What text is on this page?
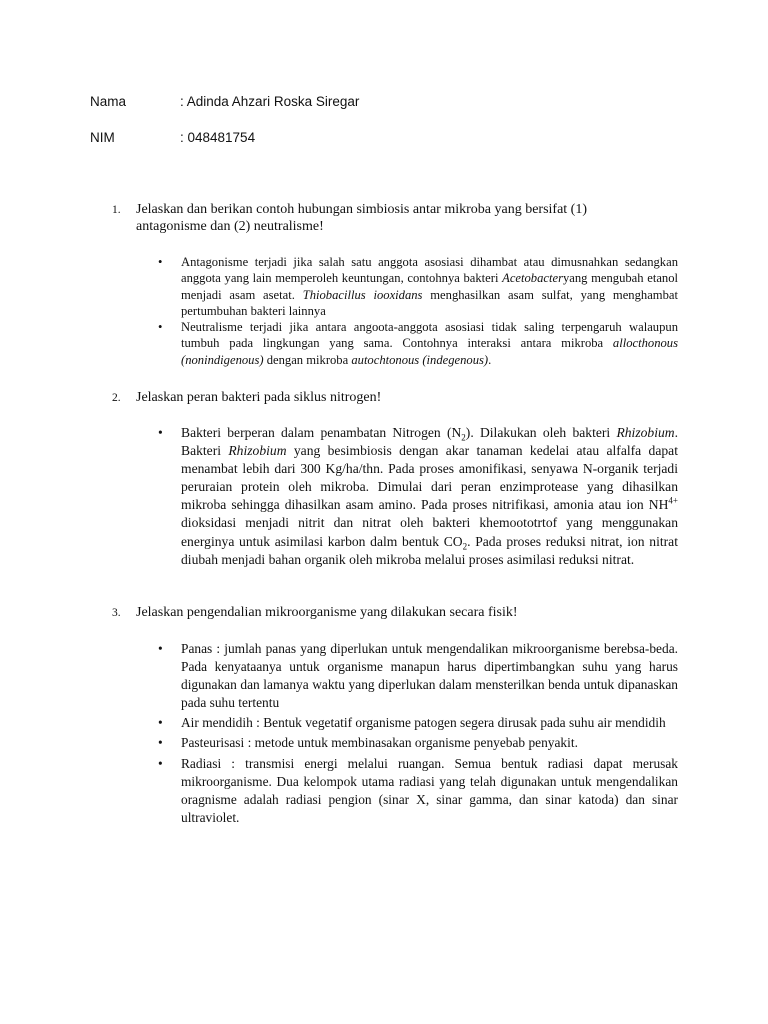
Nama	: Adinda Ahzari Roska Siregar
NIM	: 048481754
1. Jelaskan dan berikan contoh hubungan simbiosis antar mikroba yang bersifat (1) antagonisme dan (2) neutralisme!
• Antagonisme terjadi jika salah satu anggota asosiasi dihambat atau dimusnahkan sedangkan anggota yang lain memperoleh keuntungan, contohnya bakteri Acetobacteryang mengubah etanol menjadi asam asetat. Thiobacillus iooxidans menghasilkan asam sulfat, yang menghambat pertumbuhan bakteri lainnya
• Neutralisme terjadi jika antara angoota-anggota asosiasi tidak saling terpengaruh walaupun tumbuh pada lingkungan yang sama. Contohnya interaksi antara mikroba allocthonous (nonindigenous) dengan mikroba autochtonous (indegenous).
2. Jelaskan peran bakteri pada siklus nitrogen!
• Bakteri berperan dalam penambatan Nitrogen $(N_2)$. Dilakukan oleh bakteri Rhizobium. Bakteri Rhizobium yang besimbiosis dengan akar tanaman kedelai atau alfalfa dapat menambat lebih dari 300 Kg/ha/thn. Pada proses amonifikasi, senyawa N-organik terjadi peruraian protein oleh mikroba. Dimulai dari peran enzimprotease yang dihasilkan mikroba sehingga dihasilkan asam amino. Pada proses nitrifikasi, amonia atau ion $NH^{4+}$ dioksidasi menjadi nitrit dan nitrat oleh bakteri khemoototrtof yang menggunakan energinya untuk asimilasi karbon dalm bentuk $CO_2$. Pada proses reduksi nitrat, ion nitrat diubah menjadi bahan organik oleh mikroba melalui proses asimilasi reduksi nitrat.
3. Jelaskan pengendalian mikroorganisme yang dilakukan secara fisik!
• Panas : jumlah panas yang diperlukan untuk mengendalikan mikroorganisme berebsa-beda. Pada kenyataanya untuk organisme manapun harus dipertimbangkan suhu yang harus digunakan dan lamanya waktu yang diperlukan dalam mensterilkan benda untuk dipanaskan pada suhu tertentu
• Air mendidih : Bentuk vegetatif organisme patogen segera dirusak pada suhu air mendidih
• Pasteurisasi : metode untuk membinasakan organisme penyebab penyakit.
• Radiasi : transmisi energi melalui ruangan. Semua bentuk radiasi dapat merusak mikroorganisme. Dua kelompok utama radiasi yang telah digunakan untuk mengendalikan oragnisme adalah radiasi pengion (sinar X, sinar gamma, dan sinar katoda) dan sinar ultraviolet.
